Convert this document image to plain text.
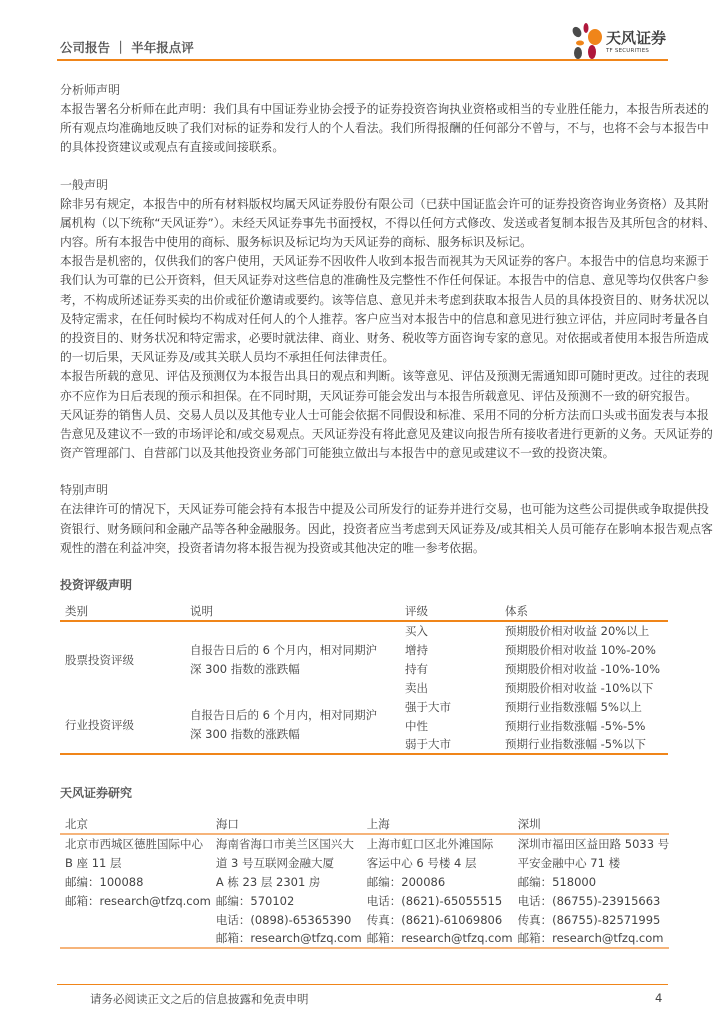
公司报告 ｜ 半年报点评
天风证券
TF SECURITIES
分析师声明
本报告署名分析师在此声明：我们具有中国证券业协会授予的证券投资咨询执业资格或相当的专业胜任能力，本报告所表述的
所有观点均准确地反映了我们对标的证券和发行人的个人看法。我们所得报酬的任何部分不曾与，不与，也将不会与本报告中
的具体投资建议或观点有直接或间接联系。
一般声明
除非另有规定，本报告中的所有材料版权均属天风证券股份有限公司（已获中国证监会许可的证券投资咨询业务资格）及其附
属机构（以下统称“天风证券”）。未经天风证券事先书面授权，不得以任何方式修改、发送或者复制本报告及其所包含的材料、
内容。所有本报告中使用的商标、服务标识及标记均为天风证券的商标、服务标识及标记。
本报告是机密的，仅供我们的客户使用，天风证券不因收件人收到本报告而视其为天风证券的客户。本报告中的信息均来源于
我们认为可靠的已公开资料，但天风证券对这些信息的准确性及完整性不作任何保证。本报告中的信息、意见等均仅供客户参
考，不构成所述证券买卖的出价或征价邀请或要约。该等信息、意见并未考虑到获取本报告人员的具体投资目的、财务状况以
及特定需求，在任何时候均不构成对任何人的个人推荐。客户应当对本报告中的信息和意见进行独立评估，并应同时考量各自
的投资目的、财务状况和特定需求，必要时就法律、商业、财务、税收等方面咨询专家的意见。对依据或者使用本报告所造成
的一切后果，天风证券及/或其关联人员均不承担任何法律责任。
本报告所载的意见、评估及预测仅为本报告出具日的观点和判断。该等意见、评估及预测无需通知即可随时更改。过往的表现
亦不应作为日后表现的预示和担保。在不同时期，天风证券可能会发出与本报告所载意见、评估及预测不一致的研究报告。
天风证券的销售人员、交易人员以及其他专业人士可能会依据不同假设和标准、采用不同的分析方法而口头或书面发表与本报
告意见及建议不一致的市场评论和/或交易观点。天风证券没有将此意见及建议向报告所有接收者进行更新的义务。天风证券的
资产管理部门、自营部门以及其他投资业务部门可能独立做出与本报告中的意见或建议不一致的投资决策。
特别声明
在法律许可的情况下，天风证券可能会持有本报告中提及公司所发行的证券并进行交易，也可能为这些公司提供或争取提供投
资银行、财务顾问和金融产品等各种金融服务。因此，投资者应当考虑到天风证券及/或其相关人员可能存在影响本报告观点客
观性的潜在利益冲突，投资者请勿将本报告视为投资或其他决定的唯一参考依据。
投资评级声明
类别	说明	评级	体系
股票投资评级	自报告日后的 6 个月内，相对同期沪
深 300 指数的涨跌幅	买入	预期股价相对收益 20%以上
		增持	预期股价相对收益 10%-20%
		持有	预期股价相对收益 -10%-10%
		卖出	预期股价相对收益 -10%以下
行业投资评级	自报告日后的 6 个月内，相对同期沪
深 300 指数的涨跌幅	强于大市	预期行业指数涨幅 5%以上
		中性	预期行业指数涨幅 -5%-5%
		弱于大市	预期行业指数涨幅 -5%以下
天风证券研究
北京	海口	上海	深圳
北京市西城区德胜国际中心	海南省海口市美兰区国兴大	上海市虹口区北外滩国际	深圳市福田区益田路 5033 号
B 座 11 层	道 3 号互联网金融大厦	客运中心 6 号楼 4 层	平安金融中心 71 楼
邮编：100088	A 栋 23 层 2301 房	邮编：200086	邮编：518000
邮箱：research@tfzq.com	邮编：570102	电话：(8621)-65055515	电话：(86755)-23915663
	电话：(0898)-65365390	传真：(8621)-61069806	传真：(86755)-82571995
	邮箱：research@tfzq.com	邮箱：research@tfzq.com	邮箱：research@tfzq.com
请务必阅读正文之后的信息披露和免责申明	4
